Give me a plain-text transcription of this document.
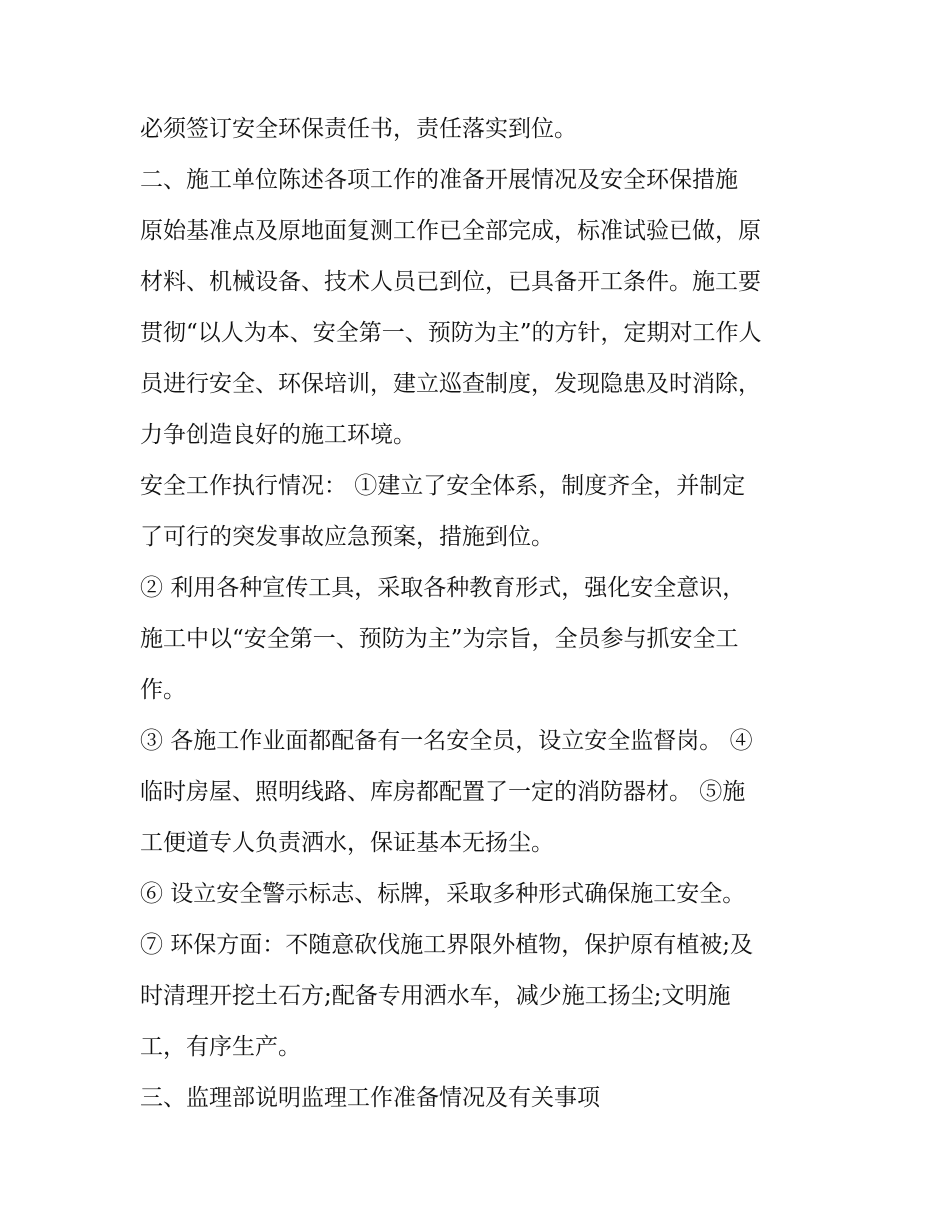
必须签订安全环保责任书，责任落实到位。
二、施工单位陈述各项工作的准备开展情况及安全环保措施
原始基准点及原地面复测工作已全部完成，标准试验已做，原
材料、机械设备、技术人员已到位，已具备开工条件。施工要
贯彻“以人为本、安全第一、预防为主”的方针，定期对工作人
员进行安全、环保培训，建立巡查制度，发现隐患及时消除，
力争创造良好的施工环境。
安全工作执行情况： ①建立了安全体系，制度齐全，并制定
了可行的突发事故应急预案，措施到位。
② 利用各种宣传工具，采取各种教育形式，强化安全意识，
施工中以“安全第一、预防为主”为宗旨，全员参与抓安全工
作。
③ 各施工作业面都配备有一名安全员，设立安全监督岗。 ④
临时房屋、照明线路、库房都配置了一定的消防器材。 ⑤施
工便道专人负责洒水，保证基本无扬尘。
⑥ 设立安全警示标志、标牌，采取多种形式确保施工安全。
⑦ 环保方面：不随意砍伐施工界限外植物，保护原有植被;及
时清理开挖土石方;配备专用洒水车，减少施工扬尘;文明施
工，有序生产。
三、监理部说明监理工作准备情况及有关事项
